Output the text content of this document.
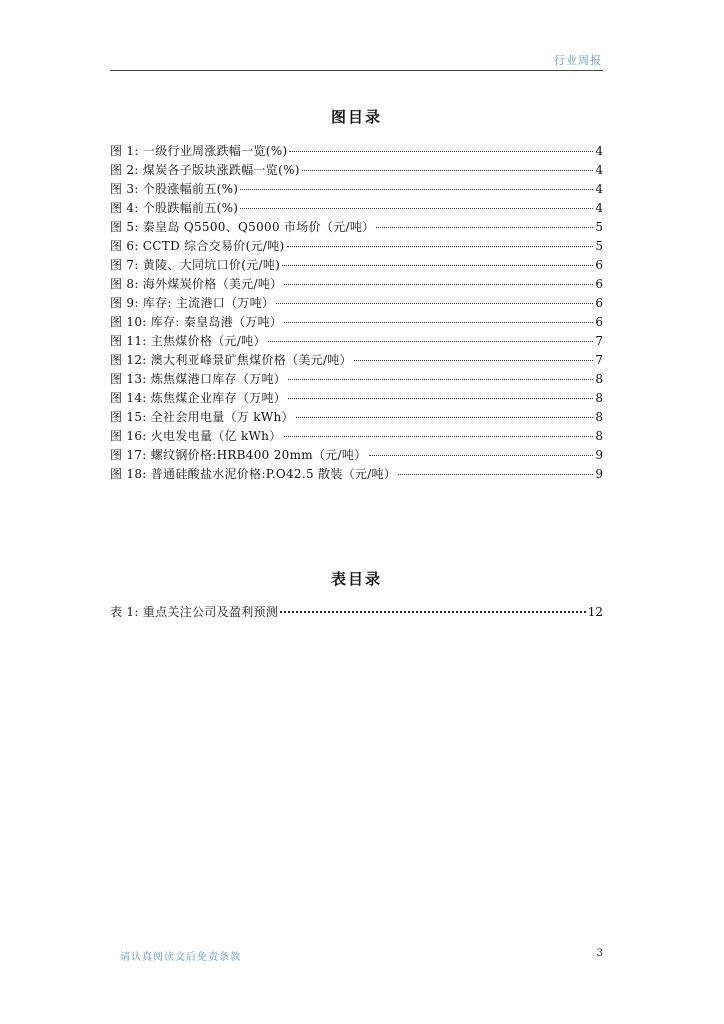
行业周报
图目录
图 1: 一级行业周涨跌幅一览(%)	4
图 2: 煤炭各子版块涨跌幅一览(%)	4
图 3: 个股涨幅前五(%)	4
图 4: 个股跌幅前五(%)	4
图 5: 秦皇岛 Q5500、Q5000 市场价（元/吨）	5
图 6: CCTD 综合交易价(元/吨)	5
图 7: 黄陵、大同坑口价(元/吨)	6
图 8: 海外煤炭价格（美元/吨）	6
图 9: 库存: 主流港口（万吨）	6
图 10: 库存: 秦皇岛港（万吨）	6
图 11: 主焦煤价格（元/吨）	7
图 12: 澳大利亚峰景矿焦煤价格（美元/吨）	7
图 13: 炼焦煤港口库存（万吨）	8
图 14: 炼焦煤企业库存（万吨）	8
图 15: 全社会用电量（万 kWh）	8
图 16: 火电发电量（亿 kWh）	8
图 17: 螺纹钢价格:HRB400 20mm（元/吨）	9
图 18: 普通硅酸盐水泥价格:P.O42.5 散装（元/吨）	9
表目录
表 1: 重点关注公司及盈利预测	12
请认真阅读文后免责条款	3
